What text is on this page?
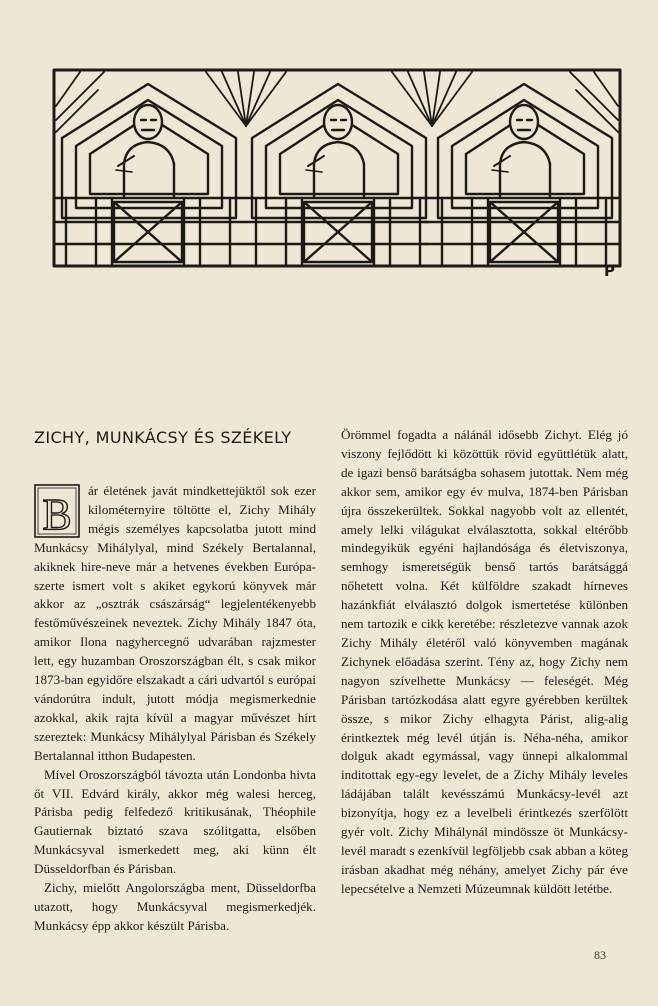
P
ZICHY, MUNKÁCSY ÉS SZÉKELY
B	ár életének javát mindkettejüktől sok ezer kilométernyire töltötte el, Zichy Mihály mégis személyes kapcsolatba jutott mind Munkácsy Mihálylyal, mind Székely Bertalannal, akiknek hire-neve már a hetvenes években Európa-szerte ismert volt s akiket egykorú könyvek már akkor az „osztrák császárság“ legjelentékenyebb festőművészeinek neveztek. Zichy Mihály 1847 óta, amikor Ilona nagyhercegnő udvarában rajzmester lett, egy huzamban Oroszországban élt, s csak mikor 1873-ban egyidőre elszakadt a cári udvartól s európai vándorútra indult, jutott módja megismerkednie azokkal, akik rajta kívül a magyar művészet hírt szereztek: Munkácsy Mihálylyal Párisban és Székely Bertalannal itthon Budapesten.

Mível Oroszországból távozta után Londonba hivta őt VII. Edvárd király, akkor még walesi herceg, Párisba pedig felfedező kritikusának, Théophile Gautiernak biztató szava szólitgatta, elsőben Munkácsyval ismerkedett meg, aki künn élt Düsseldorfban és Párisban.

Zichy, mielőtt Angolországba ment, Düsseldorfba utazott, hogy Munkácsyval megismerkedjék. Munkácsy épp akkor készült Párisba.

Örömmel fogadta a nálánál idősebb Zichyt. Elég jó viszony fejlődött ki közöttük rövid együttlétük alatt, de igazi benső barátságba sohasem jutottak. Nem még akkor sem, amikor egy év mulva, 1874-ben Párisban újra összekerültek. Sokkal nagyobb volt az ellentét, amely lelki világukat elválasztotta, sokkal eltérőbb mindegyikük egyéni hajlandósága és életviszonya, semhogy ismeretségük benső tartós barátsággá nőhetett volna. Két külföldre szakadt hírneves hazánkfiát elválasztó dolgok ismertetése különben nem tartozik e cikk keretébe: részletezve vannak azok Zichy Mihály életéről való könyvemben magának Zichynek előadása szerint. Tény az, hogy Zichy nem nagyon szívelhette Munkácsy — feleségét. Még Párisban tartózkodása alatt egyre gyérebben kerültek össze, s mikor Zichy elhagyta Párist, alig-alig érintkeztek még levél útján is. Néha-néha, amikor dolguk akadt egymással, vagy ünnepi alkalommal inditottak egy-egy levelet, de a Zichy Mihály leveles ládájában talált kevésszámú Munkácsy-levél azt bizonyítja, hogy ez a levelbeli érintkezés szerfölött gyér volt. Zichy Mihálynál mindössze öt Munkácsy-levél maradt s ezenkívül legföljebb csak abban a köteg irásban akadhat még néhány, amelyet Zichy pár éve lepecsételve a Nemzeti Múzeumnak küldött letétbe.

83
